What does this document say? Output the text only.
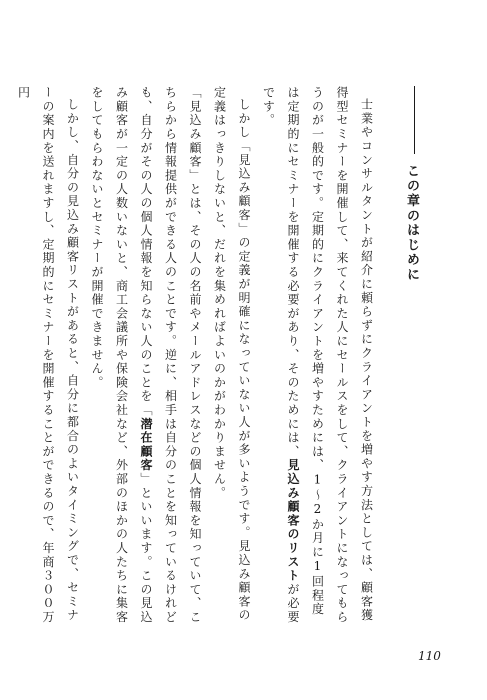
この章のはじめに
士業やコンサルタントが紹介に頼らずにクライアントを増やす方法としては、顧客獲得型セミナーを開催して、来てくれた人にセールスをして、クライアントになってもらうのが一般的です。定期的にクライアントを増やすためには、1～2か月に1回程度は定期的にセミナーを開催する必要があり、そのためには、見込み顧客のリストが必要です。
しかし「見込み顧客」の定義が明確になっていない人が多いようです。見込み顧客の定義はっきりしないと、だれを集めればよいのかがわかりません。
「見込み顧客」とは、その人の名前やメールアドレスなどの個人情報を知っていて、こちらから情報提供ができる人のことです。逆に、相手は自分のことを知っているけれども、自分がその人の個人情報を知らない人のことを「潜在顧客」といいます。この見込み顧客が一定の人数いないと、商工会議所や保険会社など、外部のほかの人たちに集客をしてもらわないとセミナーが開催できません。
しかし、自分の見込み顧客リストがあると、自分に都合のよいタイミングで、セミナーの案内を送れますし、定期的にセミナーを開催することができるので、年商３００万円
110
